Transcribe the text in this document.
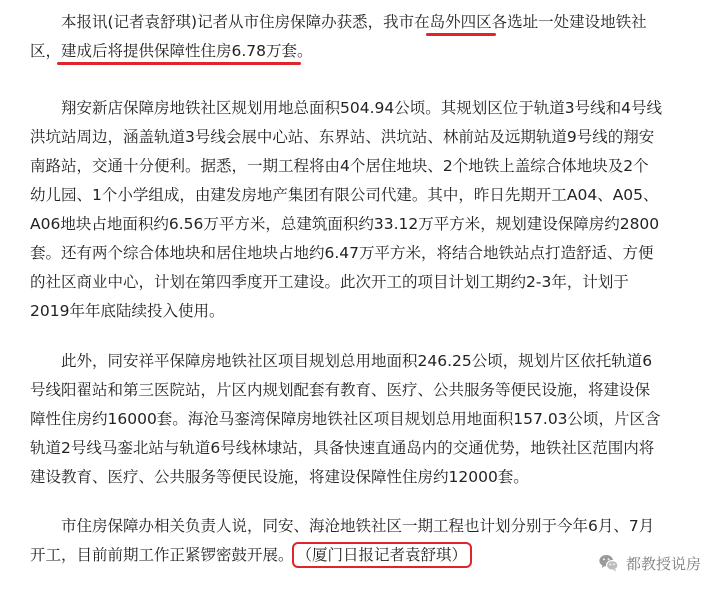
本报讯(记者袁舒琪)记者从市住房保障办获悉，我市在岛外四区各选址一处建设地铁社
区，建成后将提供保障性住房6.78万套。
翔安新店保障房地铁社区规划用地总面积504.94公顷。其规划区位于轨道3号线和4号线
洪坑站周边，涵盖轨道3号线会展中心站、东界站、洪坑站、林前站及远期轨道9号线的翔安
南路站，交通十分便利。据悉，一期工程将由4个居住地块、2个地铁上盖综合体地块及2个
幼儿园、1个小学组成，由建发房地产集团有限公司代建。其中，昨日先期开工A04、A05、
A06地块占地面积约6.56万平方米，总建筑面积约33.12万平方米，规划建设保障房约2800
套。还有两个综合体地块和居住地块占地约6.47万平方米，将结合地铁站点打造舒适、方便
的社区商业中心，计划在第四季度开工建设。此次开工的项目计划工期约2-3年，计划于
2019年年底陆续投入使用。
此外，同安祥平保障房地铁社区项目规划总用地面积246.25公顷，规划片区依托轨道6
号线阳翟站和第三医院站，片区内规划配套有教育、医疗、公共服务等便民设施，将建设保
障性住房约16000套。海沧马銮湾保障房地铁社区项目规划总用地面积157.03公顷，片区含
轨道2号线马銮北站与轨道6号线林埭站，具备快速直通岛内的交通优势，地铁社区范围内将
建设教育、医疗、公共服务等便民设施，将建设保障性住房约12000套。
市住房保障办相关负责人说，同安、海沧地铁社区一期工程也计划分别于今年6月、7月
开工，目前前期工作正紧锣密鼓开展。 （厦门日报记者袁舒琪）	都教授说房
